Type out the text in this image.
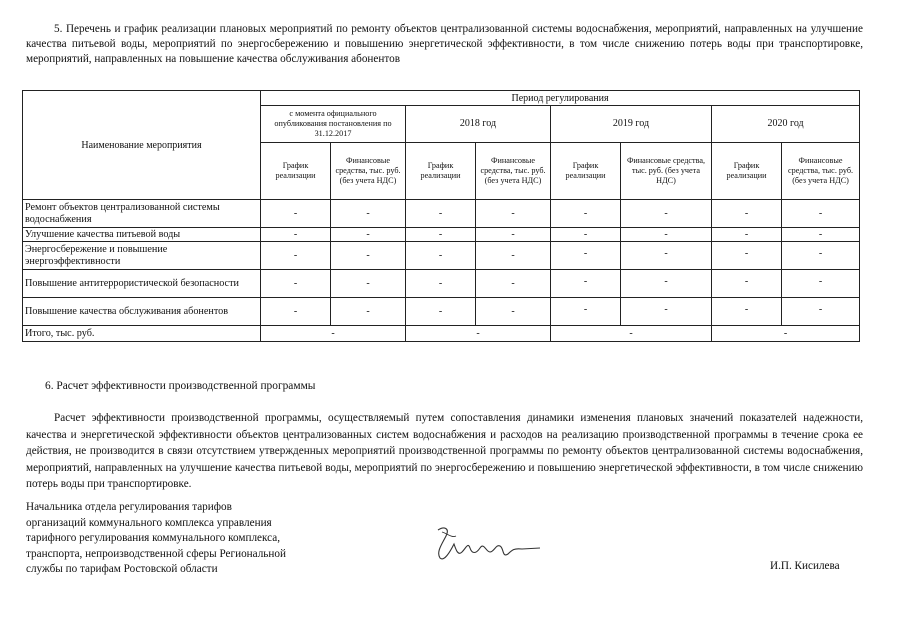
5. Перечень и график реализации плановых мероприятий по ремонту объектов централизованной системы водоснабжения, мероприятий, направленных на улучшение качества питьевой воды, мероприятий по энергосбережению и повышению энергетической эффективности, в том числе снижению потерь воды при транспортировке, мероприятий, направленных на повышение качества обслуживания абонентов
Наименование мероприятия	Период регулирования							
	с момента официального опубликования постановления по 31.12.2017		2018 год		2019 год		2020 год	
	График реализации	Финансовые средства, тыс. руб. (без учета НДС)	График реализации	Финансовые средства, тыс. руб. (без учета НДС)	График реализации	Финансовые средства, тыс. руб. (без учета НДС)	График реализации	Финансовые средства, тыс. руб. (без учета НДС)
Ремонт объектов централизованной системы водоснабжения	-	-	-	-	-	-	-	-
Улучшение качества питьевой воды	-	-	-	-	-	-	-	-
Энергосбережение и повышение энергоэффективности	-	-	-	-	-	-	-	-
Повышение антитеррористической безопасности	-	-	-	-	-	-	-	-
Повышение качества обслуживания абонентов	-	-	-	-	-	-	-	-
Итого, тыс. руб.	-		-		-		-	
6. Расчет эффективности производственной программы
Расчет эффективности производственной программы, осуществляемый путем сопоставления динамики изменения плановых значений показателей надежности, качества и энергетической эффективности объектов централизованных систем водоснабжения и расходов на реализацию производственной программы в течение срока ее действия, не производится в связи отсутствием утвержденных мероприятий производственной программы по ремонту объектов централизованной системы водоснабжения, мероприятий, направленных на улучшение качества питьевой воды, мероприятий по энергосбережению и повышению энергетической эффективности, в том числе снижению потерь воды при транспортировке.
Начальника отдела регулирования тарифов
организаций коммунального комплекса управления
тарифного регулирования коммунального комплекса,
транспорта, непроизводственной сферы Региональной
службы по тарифам Ростовской области	И.П. Кисилева
